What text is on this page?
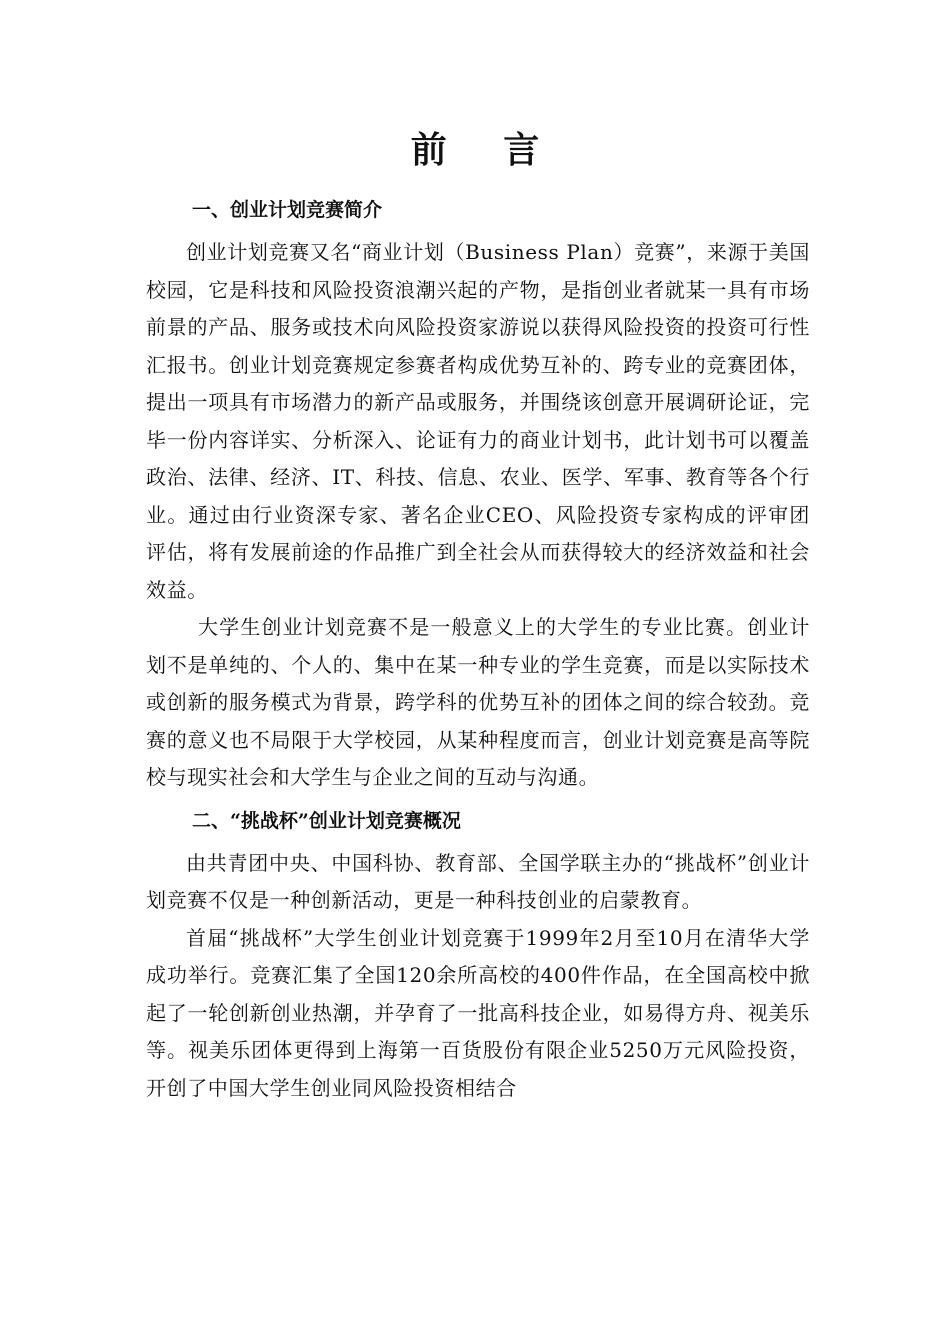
前 言

一、创业计划竞赛简介

创业计划竞赛又名“商业计划（Business Plan）竞赛”，来源于美国校园，它是科技和风险投资浪潮兴起的产物，是指创业者就某一具有市场前景的产品、服务或技术向风险投资家游说以获得风险投资的投资可行性汇报书。创业计划竞赛规定参赛者构成优势互补的、跨专业的竞赛团体，提出一项具有市场潜力的新产品或服务，并围绕该创意开展调研论证，完毕一份内容详实、分析深入、论证有力的商业计划书，此计划书可以覆盖政治、法律、经济、IT、科技、信息、农业、医学、军事、教育等各个行业。通过由行业资深专家、著名企业CEO、风险投资专家构成的评审团评估，将有发展前途的作品推广到全社会从而获得较大的经济效益和社会效益。

大学生创业计划竞赛不是一般意义上的大学生的专业比赛。创业计划不是单纯的、个人的、集中在某一种专业的学生竞赛，而是以实际技术或创新的服务模式为背景，跨学科的优势互补的团体之间的综合较劲。竞赛的意义也不局限于大学校园，从某种程度而言，创业计划竞赛是高等院校与现实社会和大学生与企业之间的互动与沟通。

二、“挑战杯”创业计划竞赛概况

由共青团中央、中国科协、教育部、全国学联主办的“挑战杯”创业计划竞赛不仅是一种创新活动，更是一种科技创业的启蒙教育。

首届“挑战杯”大学生创业计划竞赛于1999年2月至10月在清华大学成功举行。竞赛汇集了全国120余所高校的400件作品，在全国高校中掀起了一轮创新创业热潮，并孕育了一批高科技企业，如易得方舟、视美乐等。视美乐团体更得到上海第一百货股份有限企业5250万元风险投资，开创了中国大学生创业同风险投资相结合
